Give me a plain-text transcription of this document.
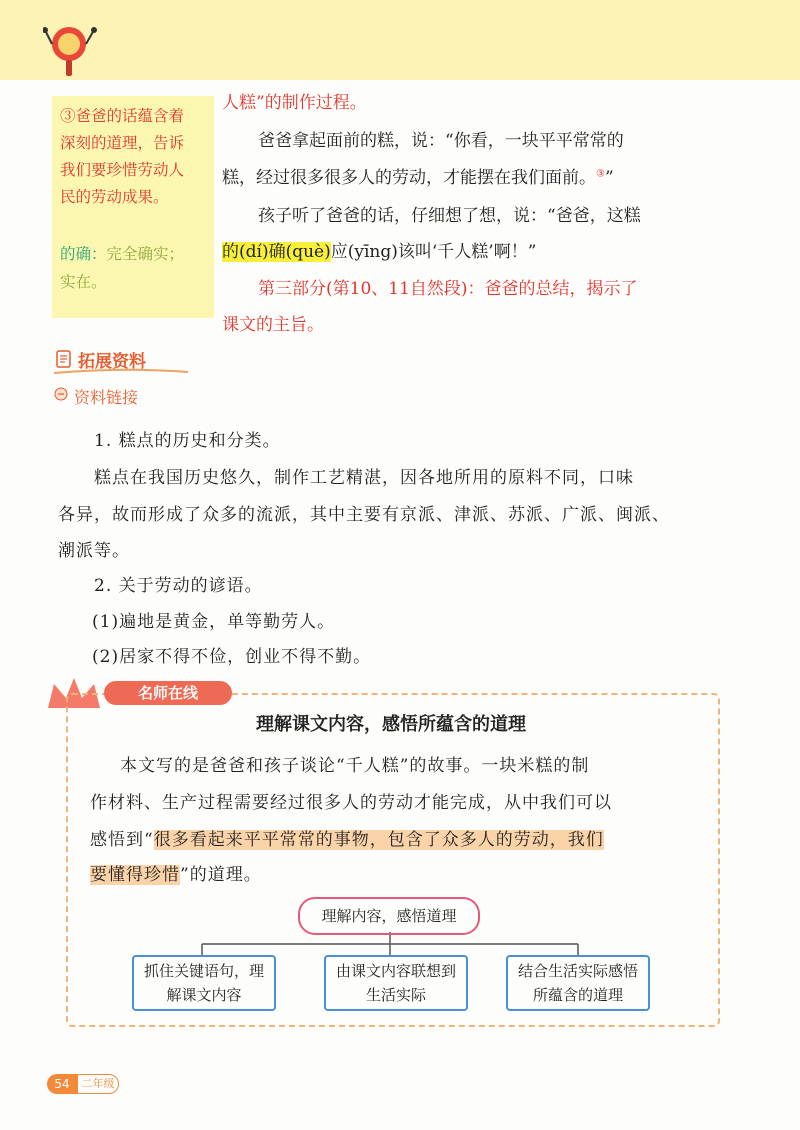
③爸爸的话蕴含着
深刻的道理，告诉
我们要珍惜劳动人
民的劳动成果。
的确：完全确实；
实在。
人糕”的制作过程。
爸爸拿起面前的糕，说：“你看，一块平平常常的
糕，经过很多很多人的劳动，才能摆在我们面前。③”
孩子听了爸爸的话，仔细想了想，说：“爸爸，这糕
的(dí)确(què)应(yīng)该叫‘千人糕’啊！”
第三部分(第10、11自然段)：爸爸的总结，揭示了
课文的主旨。
拓展资料
资料链接
1. 糕点的历史和分类。
糕点在我国历史悠久，制作工艺精湛，因各地所用的原料不同，口味
各异，故而形成了众多的流派，其中主要有京派、津派、苏派、广派、闽派、
潮派等。
2. 关于劳动的谚语。
(1)遍地是黄金，单等勤劳人。
(2)居家不得不俭，创业不得不勤。
名师在线
理解课文内容，感悟所蕴含的道理
本文写的是爸爸和孩子谈论“千人糕”的故事。一块米糕的制
作材料、生产过程需要经过很多人的劳动才能完成，从中我们可以
感悟到“很多看起来平平常常的事物，包含了众多人的劳动，我们
要懂得珍惜”的道理。
理解内容，感悟道理
抓住关键语句，理解课文内容
由课文内容联想到生活实际
结合生活实际感悟所蕴含的道理
54	二年级
